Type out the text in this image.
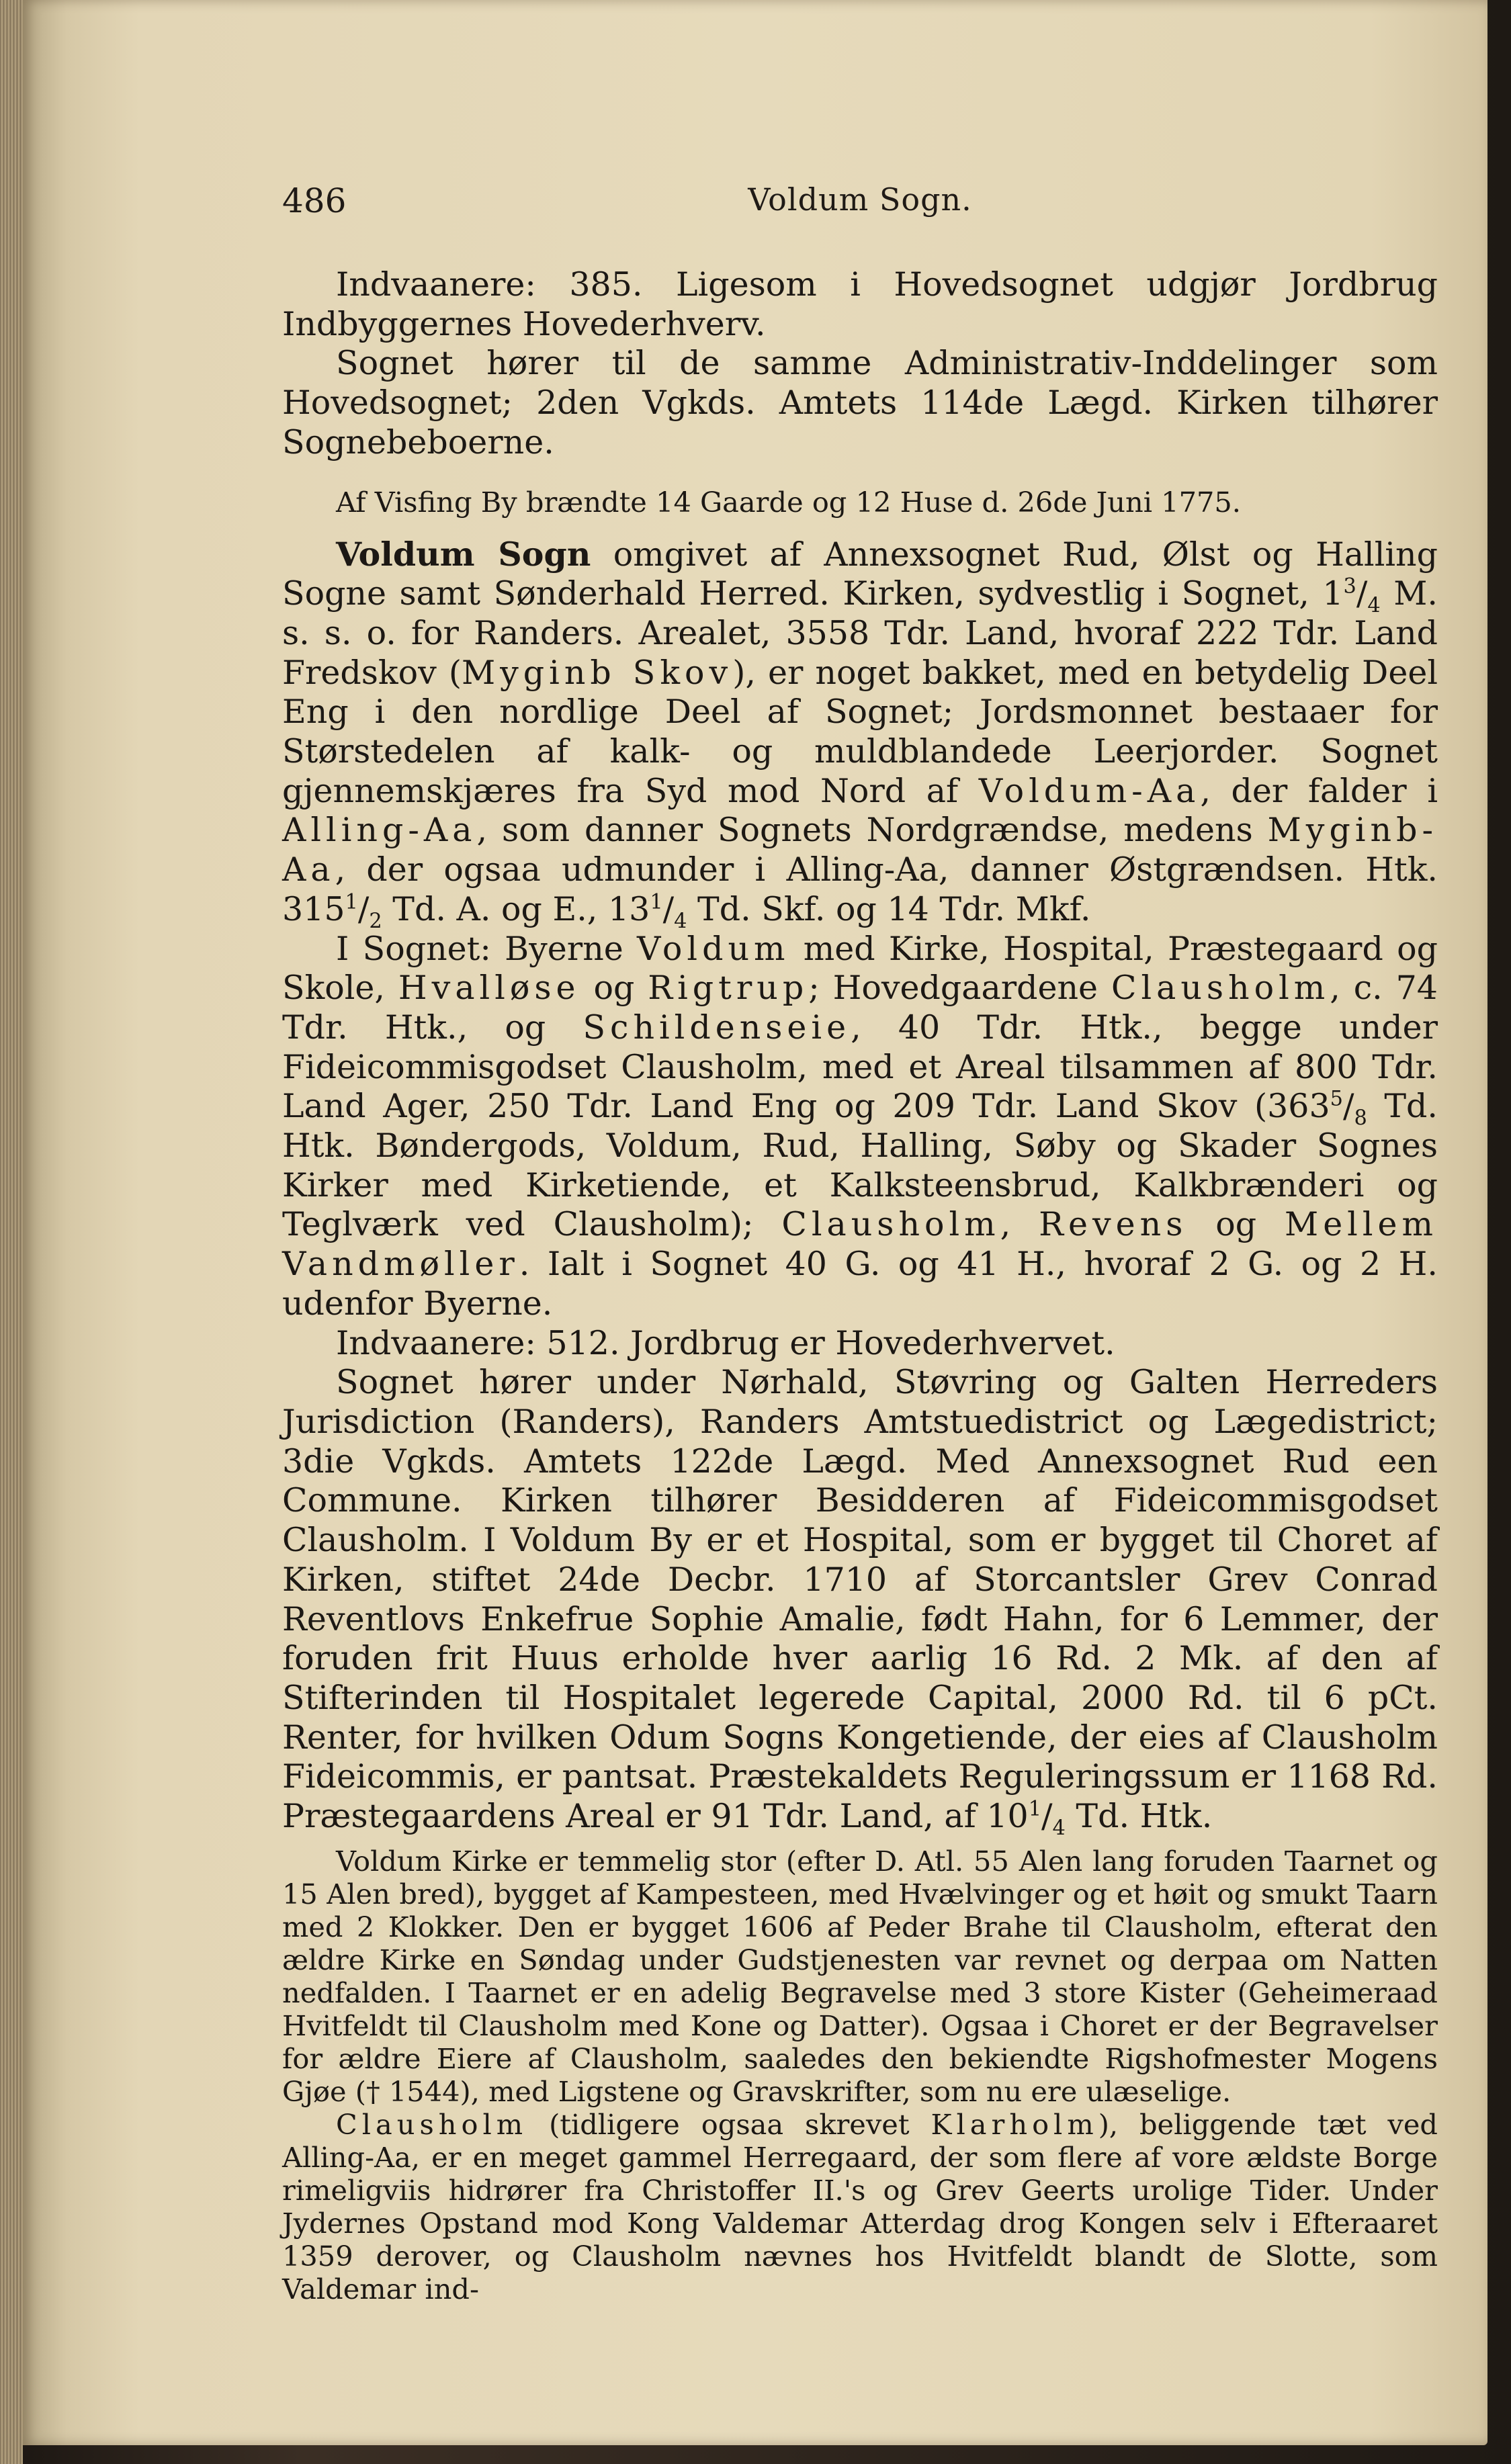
486	Voldum Sogn.

Indvaanere: 385. Ligesom i Hovedsognet udgjør Jordbrug Indbyggernes Hovederhverv.

Sognet hører til de samme Administrativ-Inddelinger som Hovedsognet; 2den Vgkds. Amtets 114de Lægd. Kirken tilhører Sognebeboerne.

Af Visfing By brændte 14 Gaarde og 12 Huse d. 26de Juni 1775.

Voldum Sogn omgivet af Annexsognet Rud, Ølst og Halling Sogne samt Sønderhald Herred. Kirken, sydvestlig i Sognet, $1^3/_4$ M. s. s. o. for Randers. Arealet, 3558 Tdr. Land, hvoraf 222 Tdr. Land Fredskov (Myginb Skov), er noget bakket, med en betydelig Deel Eng i den nordlige Deel af Sognet; Jordsmonnet bestaaer for Størstedelen af kalk- og muldblandede Leerjorder. Sognet gjennemskjæres fra Syd mod Nord af Voldum-Aa, der falder i Alling-Aa, som danner Sognets Nordgrændse, medens Myginb-Aa, der ogsaa udmunder i Alling-Aa, danner Østgrændsen. Htk. $315^1/_2$ Td. A. og E., $13^1/_4$ Td. Skf. og 14 Tdr. Mkf.

I Sognet: Byerne Voldum med Kirke, Hospital, Præstegaard og Skole, Hvalløse og Rigtrup; Hovedgaardene Clausholm, c. 74 Tdr. Htk., og Schildenseie, 40 Tdr. Htk., begge under Fideicommisgodset Clausholm, med et Areal tilsammen af 800 Tdr. Land Ager, 250 Tdr. Land Eng og 209 Tdr. Land Skov ($363^5/_8$ Td. Htk. Bøndergods, Voldum, Rud, Halling, Søby og Skader Sognes Kirker med Kirketiende, et Kalksteensbrud, Kalkbrænderi og Teglværk ved Clausholm); Clausholm, Revens og Mellem Vandmøller. Ialt i Sognet 40 G. og 41 H., hvoraf 2 G. og 2 H. udenfor Byerne.

Indvaanere: 512. Jordbrug er Hovederhvervet.

Sognet hører under Nørhald, Støvring og Galten Herreders Jurisdiction (Randers), Randers Amtstuedistrict og Lægedistrict; 3die Vgkds. Amtets 122de Lægd. Med Annexsognet Rud een Commune. Kirken tilhører Besidderen af Fideicommisgodset Clausholm. I Voldum By er et Hospital, som er bygget til Choret af Kirken, stiftet 24de Decbr. 1710 af Storcantsler Grev Conrad Reventlovs Enkefrue Sophie Amalie, født Hahn, for 6 Lemmer, der foruden frit Huus erholde hver aarlig 16 Rd. 2 Mk. af den af Stifterinden til Hospitalet legerede Capital, 2000 Rd. til 6 pCt. Renter, for hvilken Odum Sogns Kongetiende, der eies af Clausholm Fideicommis, er pantsat. Præstekaldets Reguleringssum er 1168 Rd. Præstegaardens Areal er 91 Tdr. Land, af $10^1/_4$ Td. Htk.

Voldum Kirke er temmelig stor (efter D. Atl. 55 Alen lang foruden Taarnet og 15 Alen bred), bygget af Kampesteen, med Hvælvinger og et høit og smukt Taarn med 2 Klokker. Den er bygget 1606 af Peder Brahe til Clausholm, efterat den ældre Kirke en Søndag under Gudstjenesten var revnet og derpaa om Natten nedfalden. I Taarnet er en adelig Begravelse med 3 store Kister (Geheimeraad Hvitfeldt til Clausholm med Kone og Datter). Ogsaa i Choret er der Begravelser for ældre Eiere af Clausholm, saaledes den bekiendte Rigshofmester Mogens Gjøe († 1544), med Ligstene og Gravskrifter, som nu ere ulæselige.

Clausholm (tidligere ogsaa skrevet Klarholm), beliggende tæt ved Alling-Aa, er en meget gammel Herregaard, der som flere af vore ældste Borge rimeligviis hidrører fra Christoffer II.'s og Grev Geerts urolige Tider. Under Jydernes Opstand mod Kong Valdemar Atterdag drog Kongen selv i Efteraaret 1359 derover, og Clausholm nævnes hos Hvitfeldt blandt de Slotte, som Valdemar ind-
